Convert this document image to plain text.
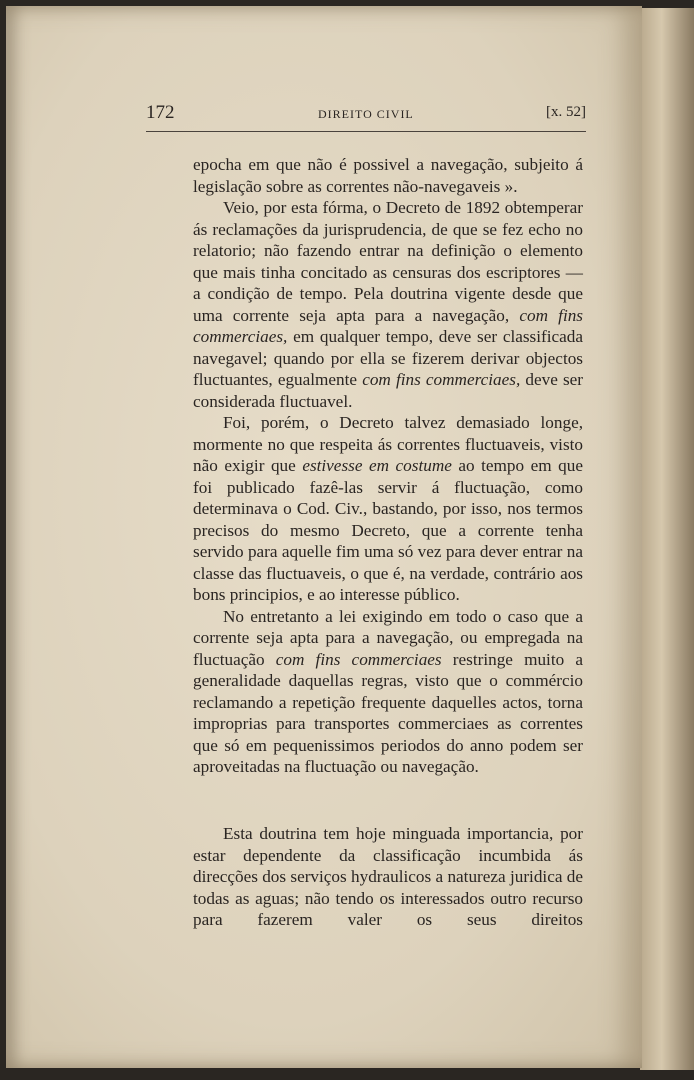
172	DIREITO CIVIL	[x. 52]

epocha em que não é possivel a navegação, subjeito á legislação sobre as correntes não-navegaveis ».

Veio, por esta fórma, o Decreto de 1892 obtemperar ás reclamações da jurisprudencia, de que se fez echo no relatorio; não fazendo entrar na definição o elemento que mais tinha concitado as censuras dos escriptores — a condição de tempo. Pela doutrina vigente desde que uma corrente seja apta para a navegação, com fins commerciaes, em qualquer tempo, deve ser classificada navegavel; quando por ella se fizerem derivar objectos fluctuantes, egualmente com fins commerciaes, deve ser considerada fluctuavel.

Foi, porém, o Decreto talvez demasiado longe, mormente no que respeita ás correntes fluctuaveis, visto não exigir que estivesse em costume ao tempo em que foi publicado fazê-las servir á fluctuação, como determinava o Cod. Civ., bastando, por isso, nos termos precisos do mesmo Decreto, que a corrente tenha servido para aquelle fim uma só vez para dever entrar na classe das fluctuaveis, o que é, na verdade, contrário aos bons principios, e ao interesse público.

No entretanto a lei exigindo em todo o caso que a corrente seja apta para a navegação, ou empregada na fluctuação com fins commerciaes restringe muito a generalidade daquellas regras, visto que o commércio reclamando a repetição frequente daquelles actos, torna improprias para transportes commerciaes as correntes que só em pequenissimos periodos do anno podem ser aproveitadas na fluctuação ou navegação.

Esta doutrina tem hoje minguada importancia, por estar dependente da classificação incumbida ás direcções dos serviços hydraulicos a natureza juridica de todas as aguas; não tendo os interessados outro recurso para fazerem valer os seus direitos
